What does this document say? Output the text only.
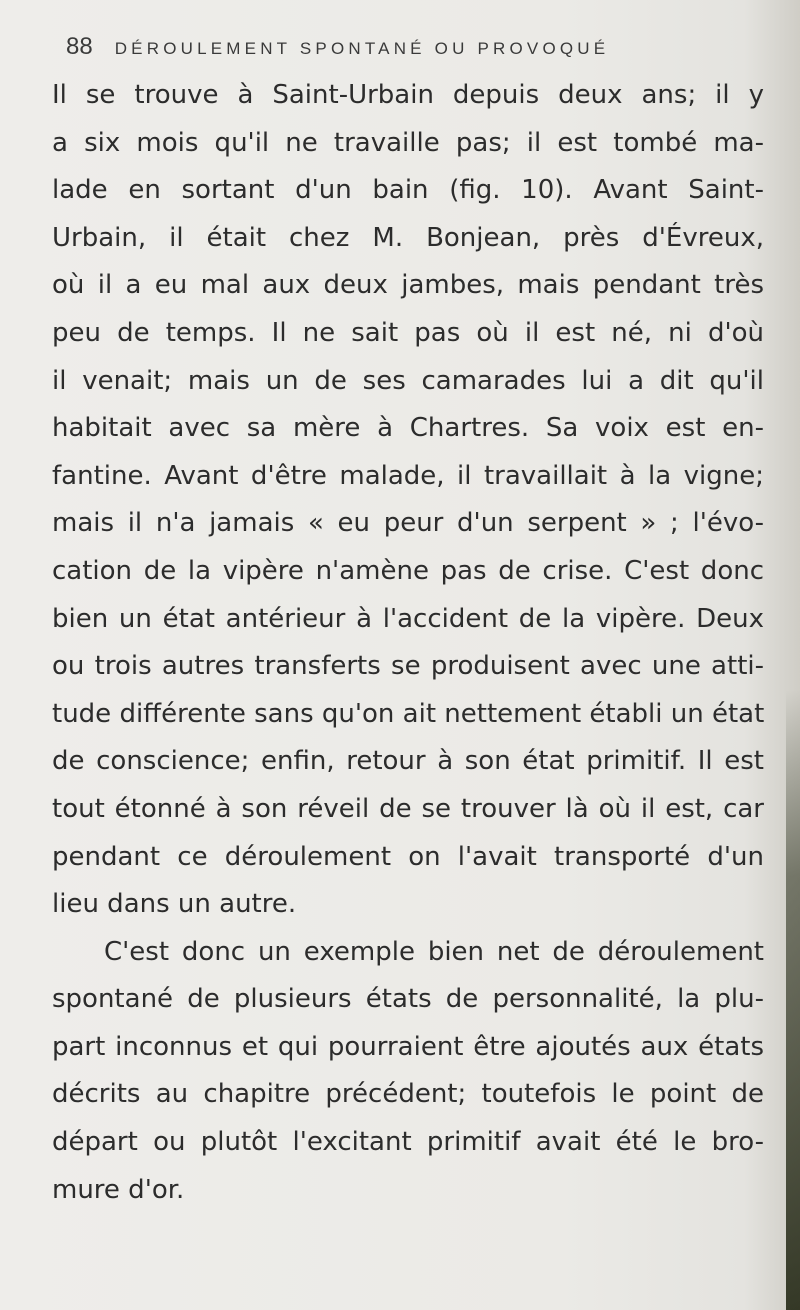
88 DÉROULEMENT SPONTANÉ OU PROVOQUÉ
Il se trouve à Saint-Urbain depuis deux ans; il y
a six mois qu'il ne travaille pas; il est tombé ma-
lade en sortant d'un bain (fig. 10). Avant Saint-
Urbain, il était chez M. Bonjean, près d'Évreux,
où il a eu mal aux deux jambes, mais pendant très
peu de temps. Il ne sait pas où il est né, ni d'où
il venait; mais un de ses camarades lui a dit qu'il
habitait avec sa mère à Chartres. Sa voix est en-
fantine. Avant d'être malade, il travaillait à la vigne;
mais il n'a jamais « eu peur d'un serpent » ; l'évo-
cation de la vipère n'amène pas de crise. C'est donc
bien un état antérieur à l'accident de la vipère. Deux
ou trois autres transferts se produisent avec une atti-
tude différente sans qu'on ait nettement établi un état
de conscience; enfin, retour à son état primitif. Il est
tout étonné à son réveil de se trouver là où il est, car
pendant ce déroulement on l'avait transporté d'un
lieu dans un autre.
C'est donc un exemple bien net de déroulement
spontané de plusieurs états de personnalité, la plu-
part inconnus et qui pourraient être ajoutés aux états
décrits au chapitre précédent; toutefois le point de
départ ou plutôt l'excitant primitif avait été le bro-
mure d'or.
